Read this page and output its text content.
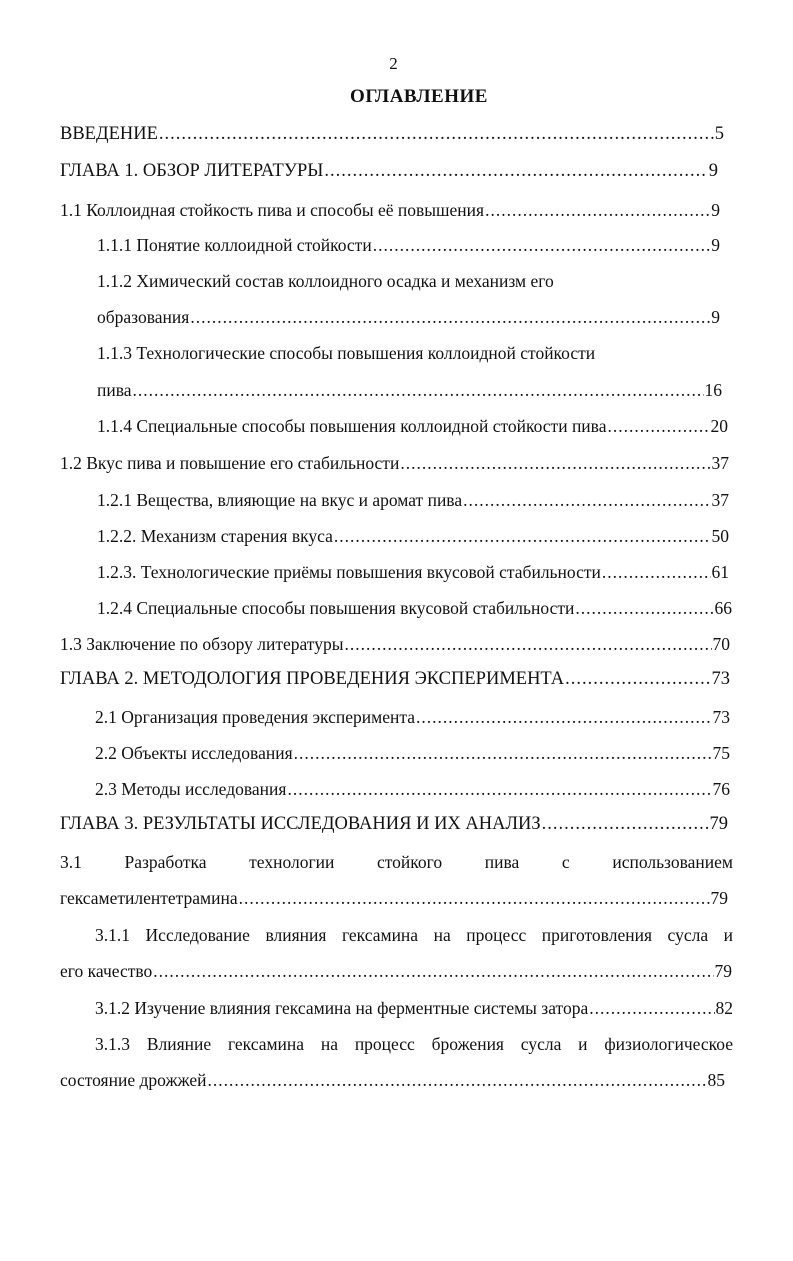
2
ОГЛАВЛЕНИЕ
ВВЕДЕНИЕ .....	5
ГЛАВА 1. ОБЗОР ЛИТЕРАТУРЫ .....	9
1.1 Коллоидная стойкость пива и способы её повышения .....	9
1.1.1 Понятие коллоидной стойкости .....	9
1.1.2 Химический состав коллоидного осадка и механизм его
образования .....	9
1.1.3 Технологические способы повышения коллоидной стойкости
пива .....	16
1.1.4 Специальные способы повышения коллоидной стойкости пива .....	20
1.2 Вкус пива и повышение его стабильности .....	37
1.2.1 Вещества, влияющие на вкус и аромат пива .....	37
1.2.2. Механизм старения вкуса .....	50
1.2.3. Технологические приёмы повышения вкусовой стабильности .....	61
1.2.4 Специальные способы повышения вкусовой стабильности .....	66
1.3 Заключение по обзору литературы .....	70
ГЛАВА 2. МЕТОДОЛОГИЯ ПРОВЕДЕНИЯ ЭКСПЕРИМЕНТА .....	73
2.1 Организация проведения эксперимента .....	73
2.2 Объекты исследования .....	75
2.3 Методы исследования .....	76
ГЛАВА 3. РЕЗУЛЬТАТЫ ИССЛЕДОВАНИЯ И ИХ АНАЛИЗ .....	79
3.1 Разработка технологии стойкого пива с использованием
гексаметилентетрамина .....	79
3.1.1 Исследование влияния гексамина на процесс приготовления сусла и
его качество .....	79
3.1.2 Изучение влияния гексамина на ферментные системы затора .....	82
3.1.3 Влияние гексамина на процесс брожения сусла и физиологическое
состояние дрожжей .....	85
